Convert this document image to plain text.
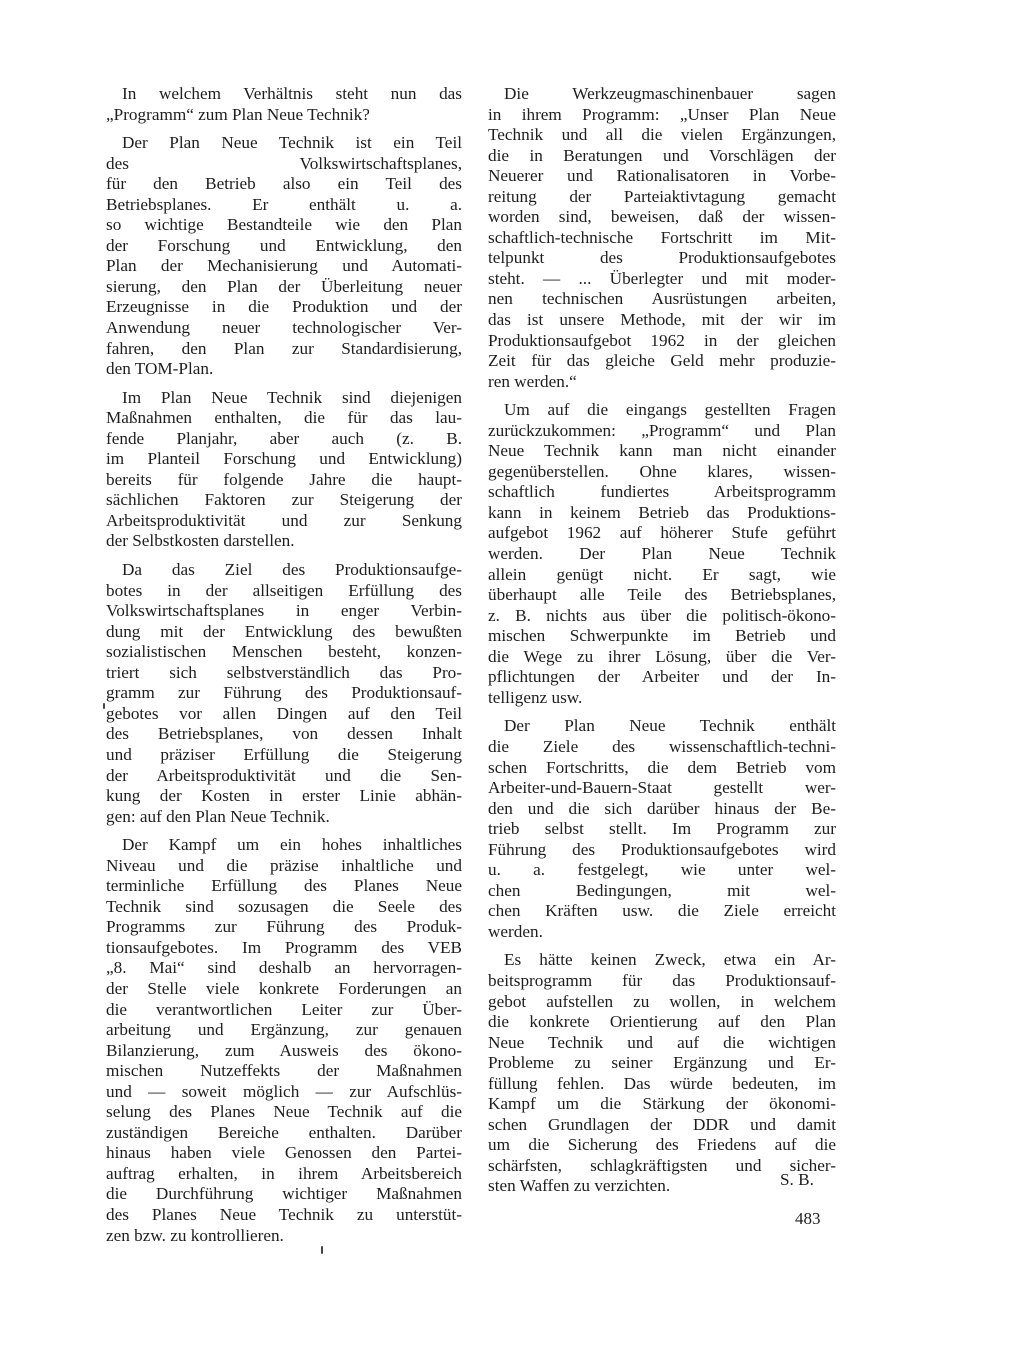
In welchem Verhältnis steht nun das
„Programm“ zum Plan Neue Technik?
Der Plan Neue Technik ist ein Teil
des Volkswirtschaftsplanes,
für den Betrieb also ein Teil des
Betriebsplanes. Er enthält u. a.
so wichtige Bestandteile wie den Plan
der Forschung und Entwicklung, den
Plan der Mechanisierung und Automati-
sierung, den Plan der Überleitung neuer
Erzeugnisse in die Produktion und der
Anwendung neuer technologischer Ver-
fahren, den Plan zur Standardisierung,
den TOM-Plan.
Im Plan Neue Technik sind diejenigen
Maßnahmen enthalten, die für das lau-
fende Planjahr, aber auch (z. B.
im Planteil Forschung und Entwicklung)
bereits für folgende Jahre die haupt-
sächlichen Faktoren zur Steigerung der
Arbeitsproduktivität und zur Senkung
der Selbstkosten darstellen.
Da das Ziel des Produktionsaufge-
botes in der allseitigen Erfüllung des
Volkswirtschaftsplanes in enger Verbin-
dung mit der Entwicklung des bewußten
sozialistischen Menschen besteht, konzen-
triert sich selbstverständlich das Pro-
gramm zur Führung des Produktionsauf-
gebotes vor allen Dingen auf den Teil
des Betriebsplanes, von dessen Inhalt
und präziser Erfüllung die Steigerung
der Arbeitsproduktivität und die Sen-
kung der Kosten in erster Linie abhän-
gen: auf den Plan Neue Technik.
Der Kampf um ein hohes inhaltliches
Niveau und die präzise inhaltliche und
terminliche Erfüllung des Planes Neue
Technik sind sozusagen die Seele des
Programms zur Führung des Produk-
tionsaufgebotes. Im Programm des VEB
„8. Mai“ sind deshalb an hervorragen-
der Stelle viele konkrete Forderungen an
die verantwortlichen Leiter zur Über-
arbeitung und Ergänzung, zur genauen
Bilanzierung, zum Ausweis des ökono-
mischen Nutzeffekts der Maßnahmen
und — soweit möglich — zur Aufschlüs-
selung des Planes Neue Technik auf die
zuständigen Bereiche enthalten. Darüber
hinaus haben viele Genossen den Partei-
auftrag erhalten, in ihrem Arbeitsbereich
die Durchführung wichtiger Maßnahmen
des Planes Neue Technik zu unterstüt-
zen bzw. zu kontrollieren.
Die Werkzeugmaschinenbauer sagen
in ihrem Programm: „Unser Plan Neue
Technik und all die vielen Ergänzungen,
die in Beratungen und Vorschlägen der
Neuerer und Rationalisatoren in Vorbe-
reitung der Parteiaktivtagung gemacht
worden sind, beweisen, daß der wissen-
schaftlich-technische Fortschritt im Mit-
telpunkt des Produktionsaufgebotes
steht. — ... Überlegter und mit moder-
nen technischen Ausrüstungen arbeiten,
das ist unsere Methode, mit der wir im
Produktionsaufgebot 1962 in der gleichen
Zeit für das gleiche Geld mehr produzie-
ren werden.“
Um auf die eingangs gestellten Fragen
zurückzukommen: „Programm“ und Plan
Neue Technik kann man nicht einander
gegenüberstellen. Ohne klares, wissen-
schaftlich fundiertes Arbeitsprogramm
kann in keinem Betrieb das Produktions-
aufgebot 1962 auf höherer Stufe geführt
werden. Der Plan Neue Technik
allein genügt nicht. Er sagt, wie
überhaupt alle Teile des Betriebsplanes,
z. B. nichts aus über die politisch-ökono-
mischen Schwerpunkte im Betrieb und
die Wege zu ihrer Lösung, über die Ver-
pflichtungen der Arbeiter und der In-
telligenz usw.
Der Plan Neue Technik enthält
die Ziele des wissenschaftlich-techni-
schen Fortschritts, die dem Betrieb vom
Arbeiter-und-Bauern-Staat gestellt wer-
den und die sich darüber hinaus der Be-
trieb selbst stellt. Im Programm zur
Führung des Produktionsaufgebotes wird
u. a. festgelegt, wie unter wel-
chen Bedingungen, mit wel-
chen Kräften usw. die Ziele erreicht
werden.
Es hätte keinen Zweck, etwa ein Ar-
beitsprogramm für das Produktionsauf-
gebot aufstellen zu wollen, in welchem
die konkrete Orientierung auf den Plan
Neue Technik und auf die wichtigen
Probleme zu seiner Ergänzung und Er-
füllung fehlen. Das würde bedeuten, im
Kampf um die Stärkung der ökonomi-
schen Grundlagen der DDR und damit
um die Sicherung des Friedens auf die
schärfsten, schlagkräftigsten und sicher-
sten Waffen zu verzichten.	S. B.
483
